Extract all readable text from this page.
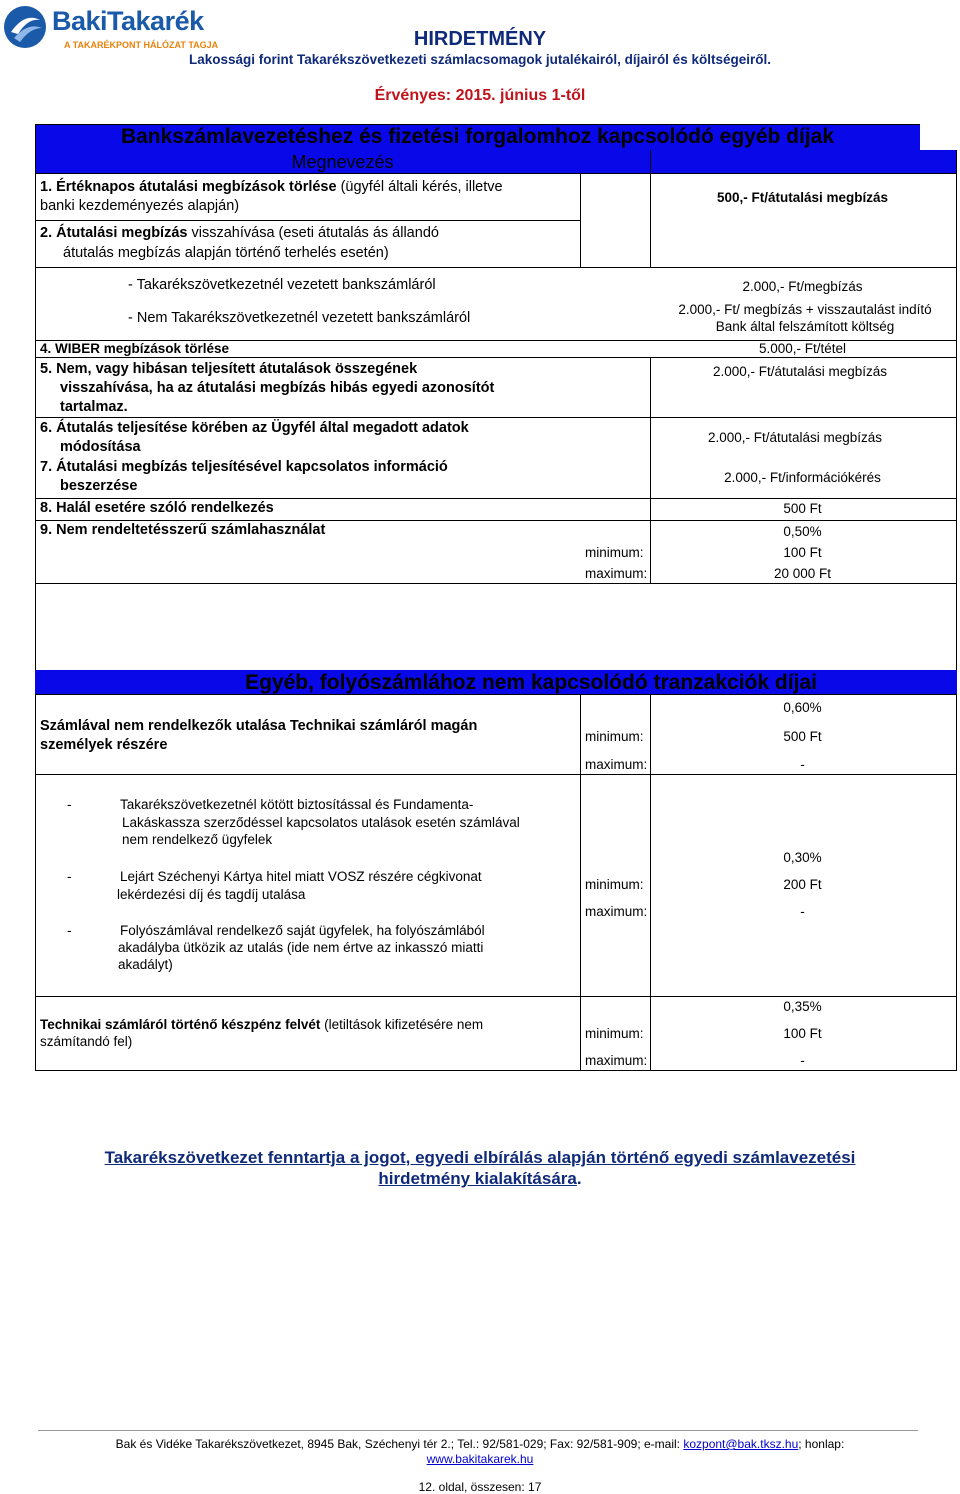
BakiTakarék
A TAKARÉKPONT HÁLÓZAT TAGJA	HIRDETMÉNY
Lakossági forint Takarékszövetkezeti számlacsomagok jutalékairól, díjairól és költségeiről.
Érvényes: 2015. június 1-től
Bankszámlavezetéshez és fizetési forgalomhoz kapcsolódó egyéb díjak
Megnevezés
1. Értéknapos átutalási megbízások törlése (ügyfél általi kérés, illetve
banki kezdeményezés alapján)
500,- Ft/átutalási megbízás
2. Átutalási megbízás visszahívása (eseti átutalás ás állandó
átutalás megbízás alapján történő terhelés esetén)
- Takarékszövetkezetnél vezetett bankszámláról	2.000,- Ft/megbízás
- Nem Takarékszövetkezetnél vezetett bankszámláról
2.000,- Ft/ megbízás + visszautalást indító
Bank által felszámított költség
4. WIBER megbízások törlése	5.000,- Ft/tétel
5. Nem, vagy hibásan teljesített átutalások összegének
visszahívása, ha az átutalási megbízás hibás egyedi azonosítót
tartalmaz.
2.000,- Ft/átutalási megbízás
6. Átutalás teljesítése körében az Ügyfél által megadott adatok
módosítása
2.000,- Ft/átutalási megbízás
7. Átutalási megbízás teljesítésével kapcsolatos információ
beszerzése
2.000,- Ft/információkérés
8. Halál esetére szóló rendelkezés	500 Ft
9. Nem rendeltetésszerű számlahasználat	0,50%
minimum:	100 Ft
maximum:	20 000 Ft
Egyéb, folyószámlához nem kapcsolódó tranzakciók díjai
Számlával nem rendelkezők utalása Technikai számláról magán
személyek részére
0,60%
minimum:	500 Ft
maximum:	-
-	Takarékszövetkezetnél kötött biztosítással és Fundamenta-
Lakáskassza szerződéssel kapcsolatos utalások esetén számlával
nem rendelkező ügyfelek
-	Lejárt Széchenyi Kártya hitel miatt VOSZ részére cégkivonat
lekérdezési díj és tagdíj utalása
-	Folyószámlával rendelkező saját ügyfelek, ha folyószámlából
akadályba ütközik az utalás (ide nem értve az inkasszó miatti
akadályt)
0,30%
minimum:	200 Ft
maximum:	-
Technikai számláról történő készpénz felvét (letiltások kifizetésére nem
számítandó fel)
0,35%
minimum:	100 Ft
maximum:	-
Takarékszövetkezet fenntartja a jogot, egyedi elbírálás alapján történő egyedi számlavezetési
hirdetmény kialakítására.
Bak és Vidéke Takarékszövetkezet, 8945 Bak, Széchenyi tér 2.; Tel.: 92/581-029; Fax: 92/581-909; e-mail: kozpont@bak.tksz.hu; honlap:
www.bakitakarek.hu
12. oldal, összesen: 17
